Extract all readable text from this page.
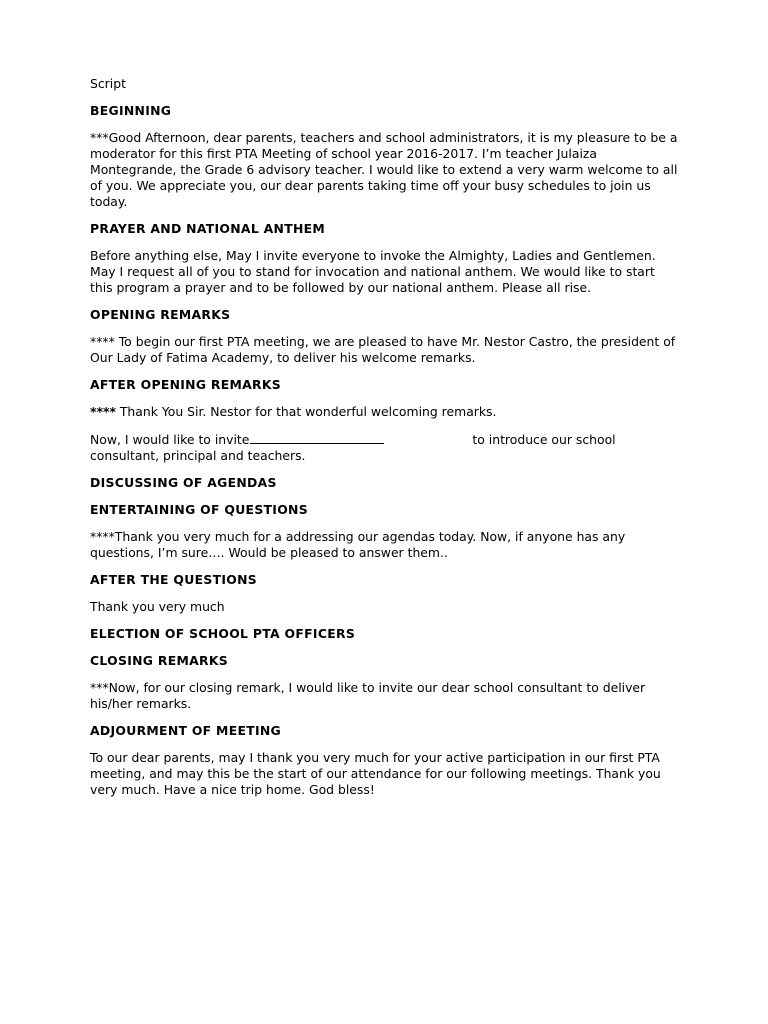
Script
BEGINNING
***Good Afternoon, dear parents, teachers and school administrators, it is my pleasure to be a moderator for this first PTA Meeting of school year 2016-2017. I’m teacher Julaiza Montegrande, the Grade 6 advisory teacher. I would like to extend a very warm welcome to all of you. We appreciate you, our dear parents taking time off your busy schedules to join us today.
PRAYER AND NATIONAL ANTHEM
Before anything else, May I invite everyone to invoke the Almighty, Ladies and Gentlemen. May I request all of you to stand for invocation and national anthem. We would like to start this program a prayer and to be followed by our national anthem. Please all rise.
OPENING REMARKS
**** To begin our first PTA meeting, we are pleased to have Mr. Nestor Castro, the president of Our Lady of Fatima Academy, to deliver his welcome remarks.
AFTER OPENING REMARKS
**** Thank You Sir. Nestor for that wonderful welcoming remarks.
Now, I would like to invite	to introduce our school consultant, principal and teachers.
DISCUSSING OF AGENDAS
ENTERTAINING OF QUESTIONS
****Thank you very much for a addressing our agendas today. Now, if anyone has any questions, I’m sure…. Would be pleased to answer them..
AFTER THE QUESTIONS
Thank you very much
ELECTION OF SCHOOL PTA OFFICERS
CLOSING REMARKS
***Now, for our closing remark, I would like to invite our dear school consultant to deliver his/her remarks.
ADJOURMENT OF MEETING
To our dear parents, may I thank you very much for your active participation in our first PTA meeting, and may this be the start of our attendance for our following meetings. Thank you very much. Have a nice trip home. God bless!
